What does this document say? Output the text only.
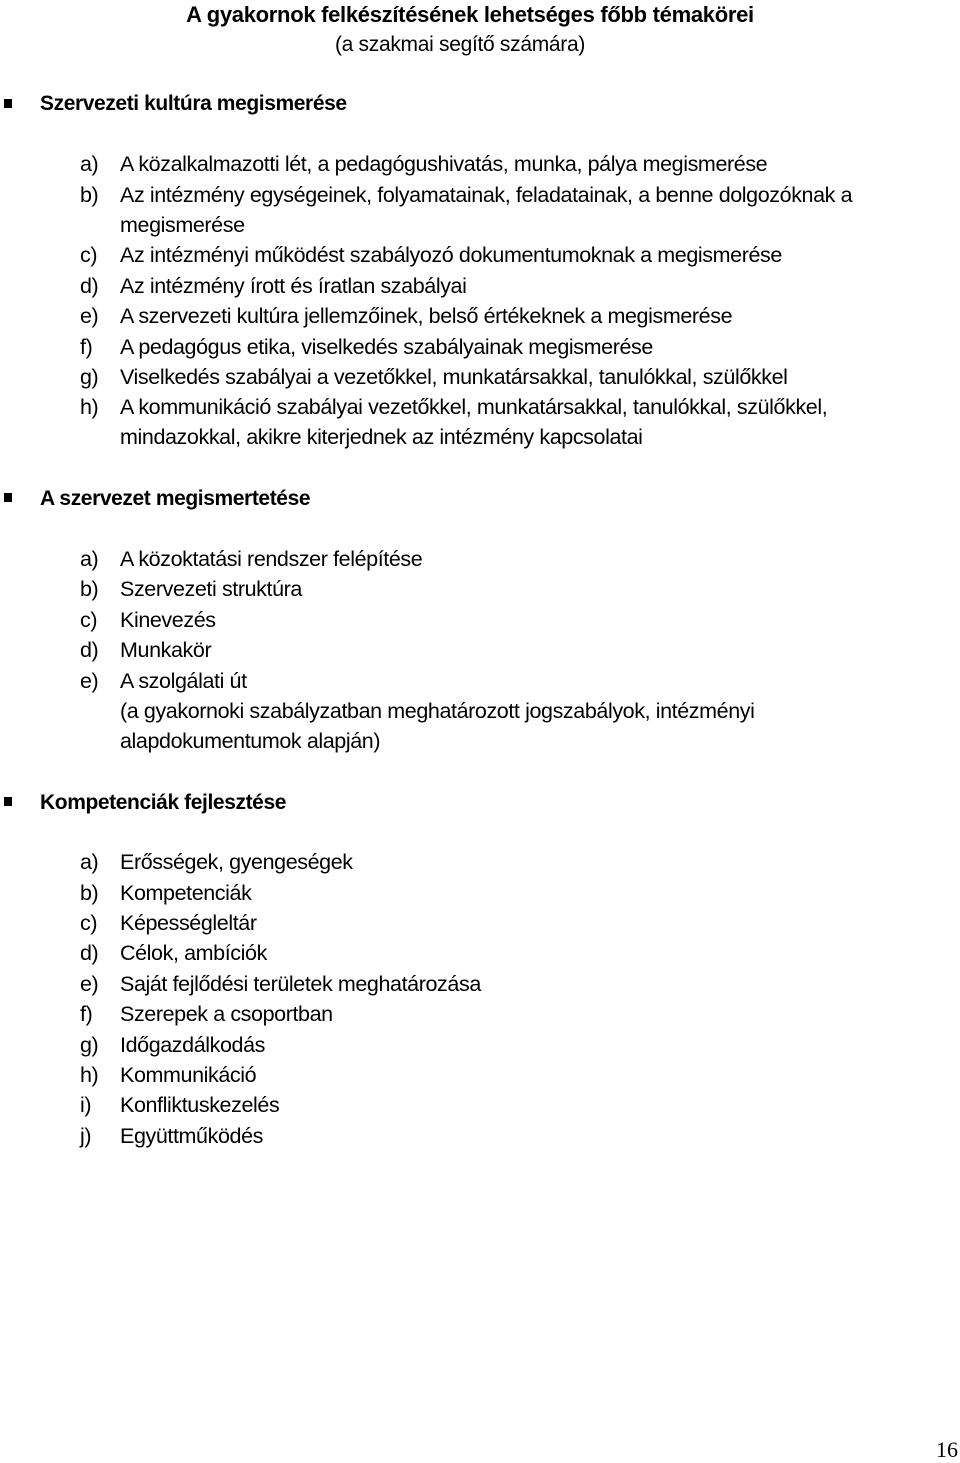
A gyakornok felkészítésének lehetséges főbb témakörei
(a szakmai segítő számára)
Szervezeti kultúra megismerése
a) A közalkalmazotti lét, a pedagógushivatás, munka, pálya megismerése
b) Az intézmény egységeinek, folyamatainak, feladatainak, a benne dolgozóknak a megismerése
c) Az intézményi működést szabályozó dokumentumoknak a megismerése
d) Az intézmény írott és íratlan szabályai
e) A szervezeti kultúra jellemzőinek, belső értékeknek a megismerése
f) A pedagógus etika, viselkedés szabályainak megismerése
g) Viselkedés szabályai a vezetőkkel, munkatársakkal, tanulókkal, szülőkkel
h) A kommunikáció szabályai vezetőkkel, munkatársakkal, tanulókkal, szülőkkel, mindazokkal, akikre kiterjednek az intézmény kapcsolatai
A szervezet megismertetése
a) A közoktatási rendszer felépítése
b) Szervezeti struktúra
c) Kinevezés
d) Munkakör
e) A szolgálati út
(a gyakornoki szabályzatban meghatározott jogszabályok, intézményi alapdokumentumok alapján)
Kompetenciák fejlesztése
a) Erősségek, gyengeségek
b) Kompetenciák
c) Képességleltár
d) Célok, ambíciók
e) Saját fejlődési területek meghatározása
f) Szerepek a csoportban
g) Időgazdálkodás
h) Kommunikáció
i) Konfliktuskezelés
j) Együttműködés
16
